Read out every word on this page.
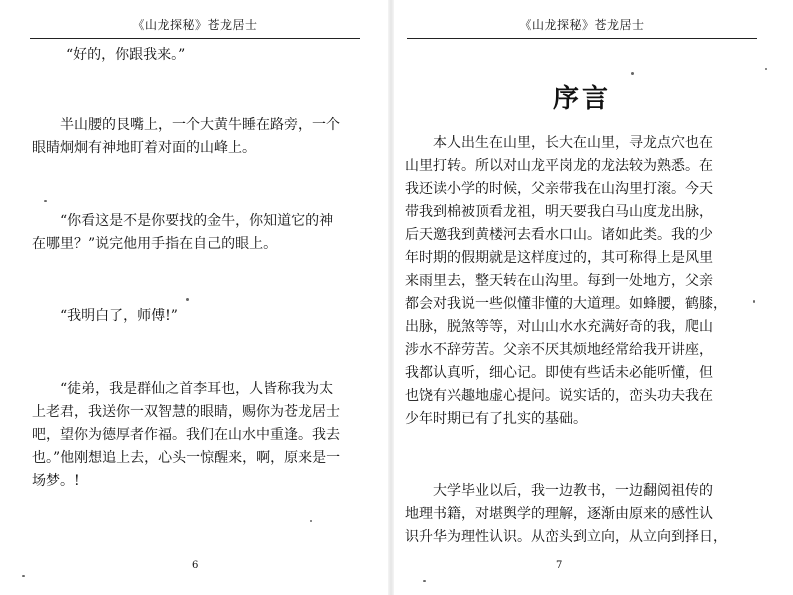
《山龙探秘》苍龙居士
“好的，你跟我来。”
半山腰的艮嘴上，一个大黄牛睡在路旁，一个
眼睛炯炯有神地盯着对面的山峰上。
“你看这是不是你要找的金牛，你知道它的神
在哪里？”说完他用手指在自己的眼上。
“我明白了，师傅!”
“徒弟，我是群仙之首李耳也，人皆称我为太
上老君，我送你一双智慧的眼睛，赐你为苍龙居士
吧，望你为德厚者作福。我们在山水中重逢。我去
也。”他刚想追上去，心头一惊醒来，啊，原来是一
场梦。!
6
《山龙探秘》苍龙居士
序言
本人出生在山里，长大在山里，寻龙点穴也在
山里打转。所以对山龙平岗龙的龙法较为熟悉。在
我还读小学的时候，父亲带我在山沟里打滚。今天
带我到棉被顶看龙祖，明天要我白马山度龙出脉，
后天邀我到黄楼河去看水口山。诸如此类。我的少
年时期的假期就是这样度过的，其可称得上是风里
来雨里去，整天转在山沟里。每到一处地方，父亲
都会对我说一些似懂非懂的大道理。如蜂腰，鹤膝，
出脉，脱煞等等，对山山水水充满好奇的我，爬山
涉水不辞劳苦。父亲不厌其烦地经常给我开讲座，
我都认真听，细心记。即使有些话未必能听懂，但
也饶有兴趣地虚心提问。说实话的，峦头功夫我在
少年时期已有了扎实的基础。
大学毕业以后，我一边教书，一边翻阅祖传的
地理书籍，对堪舆学的理解，逐渐由原来的感性认
识升华为理性认识。从峦头到立向，从立向到择日，
7
